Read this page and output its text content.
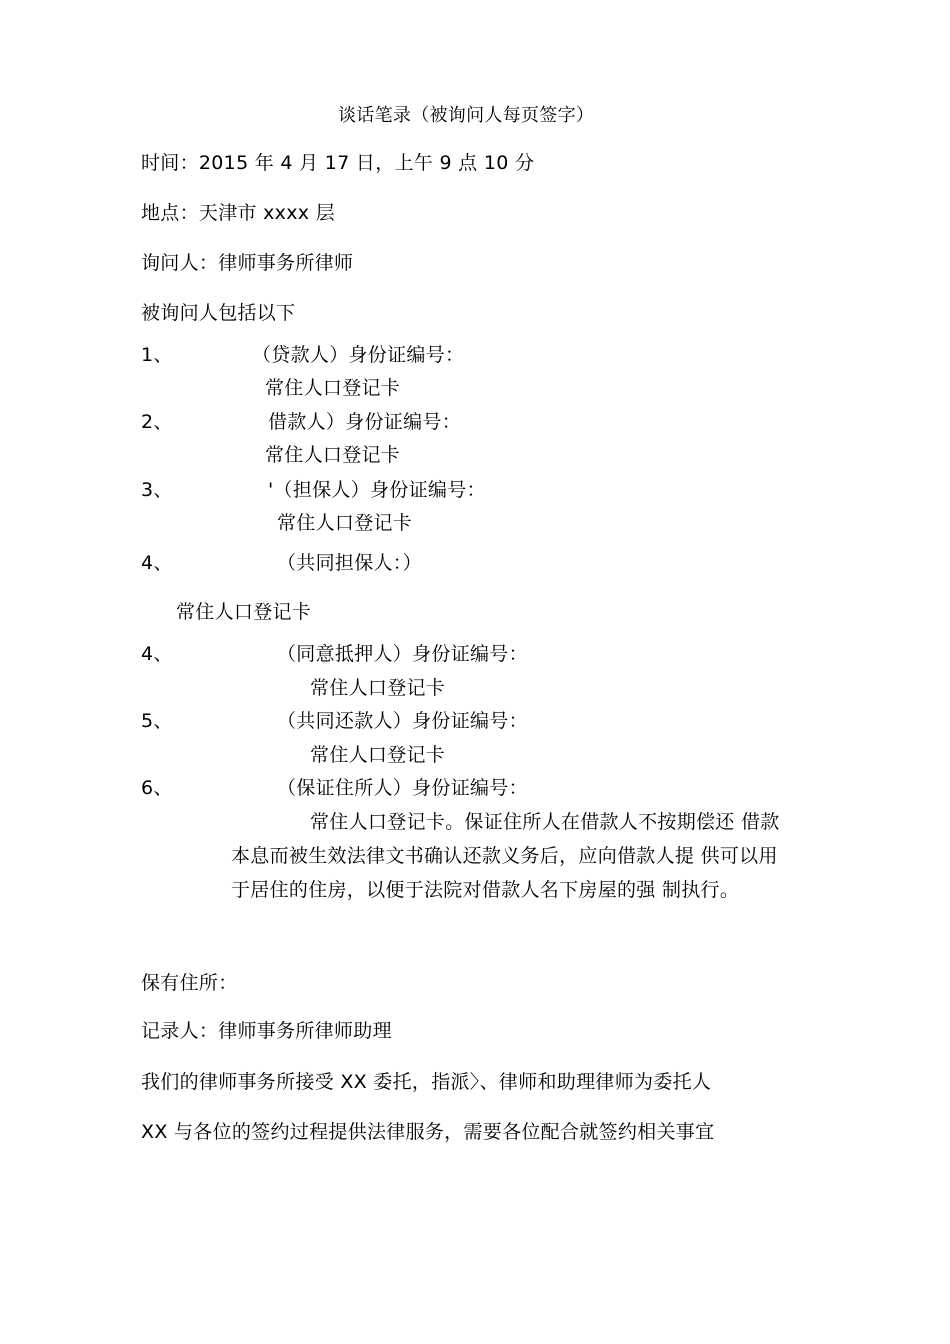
谈话笔录（被询问人每页签字）
时间：2015 年 4 月 17 日，上午 9 点 10 分
地点：天津市 xxxx 层
询问人：律师事务所律师
被询问人包括以下
1、	（贷款人）身份证编号：
常住人口登记卡
2、	借款人）身份证编号：
常住人口登记卡
3、	'（担保人）身份证编号：
常住人口登记卡
4、	（共同担保人：）
常住人口登记卡
4、	（同意抵押人）身份证编号：
常住人口登记卡
5、	（共同还款人）身份证编号：
常住人口登记卡
6、	（保证住所人）身份证编号：
常住人口登记卡。保证住所人在借款人不按期偿还 借款
本息而被生效法律文书确认还款义务后，应向借款人提 供可以用
于居住的住房，以便于法院对借款人名下房屋的强 制执行。
保有住所：
记录人：律师事务所律师助理
我们的律师事务所接受 XX 委托，指派〉、律师和助理律师为委托人
XX 与各位的签约过程提供法律服务，需要各位配合就签约相关事宜
